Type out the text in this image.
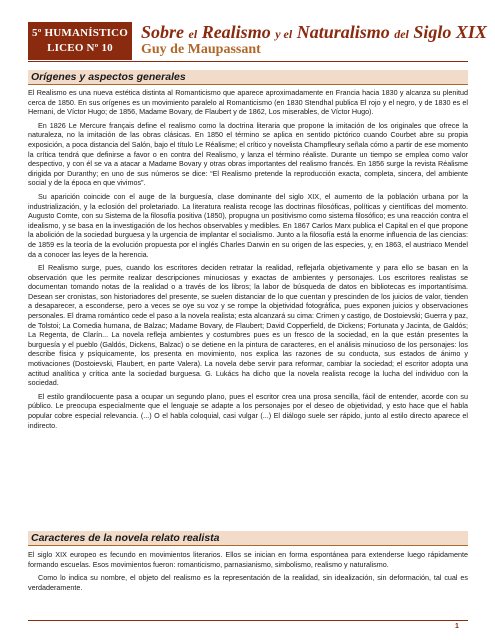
5º HUMANÍSTICO
LICEO Nº 10
Sobre el Realismo y el Naturalismo del Siglo XIX
Guy de Maupassant
Orígenes y aspectos generales

El Realismo es una nueva estética distinta al Romanticismo que aparece aproximadamente en Francia hacia 1830 y alcanza su plenitud cerca de 1850. En sus orígenes es un movimiento paralelo al Romanticismo (en 1830 Stendhal publica El rojo y el negro, y de 1830 es el Hernani, de Víctor Hugo; de 1856, Madame Bovary, de Flaubert y de 1862, Los miserables, de Víctor Hugo).

En 1826 Le Mercure français define el realismo como la doctrina literaria que propone la imitación de los originales que ofrece la naturaleza, no la imitación de las obras clásicas. En 1850 el término se aplica en sentido pictórico cuando Courbet abre su propia exposición, a poca distancia del Salón, bajo el título Le Réalisme; el crítico y novelista Champfleury señala cómo a partir de ese momento la crítica tendrá que definirse a favor o en contra del Realismo, y lanza el término réaliste. Durante un tiempo se emplea como valor despectivo, y con él se va a atacar a Madame Bovary y otras obras importantes del realismo francés. En 1856 surge la revista Réalisme dirigida por Duranthy; en uno de sus números se dice: “El Realismo pretende la reproducción exacta, completa, sincera, del ambiente social y de la época en que vivimos”.

Su aparición coincide con el auge de la burguesía, clase dominante del siglo XIX, el aumento de la población urbana por la industrialización, y la eclosión del proletariado. La literatura realista recoge las doctrinas filosóficas, políticas y científicas del momento. Augusto Comte, con su Sistema de la filosofía positiva (1850), propugna un positivismo como sistema filosófico; es una reacción contra el idealismo, y se basa en la investigación de los hechos observables y medibles. En 1867 Carlos Marx publica el Capital en el que propone la abolición de la sociedad burguesa y la urgencia de implantar el socialismo. Junto a la filosofía está la enorme influencia de las ciencias: de 1859 es la teoría de la evolución propuesta por el inglés Charles Darwin en su origen de las especies, y, en 1863, el austriaco Mendel da a conocer las leyes de la herencia.

El Realismo surge, pues, cuando los escritores deciden retratar la realidad, reflejarla objetivamente y para ello se basan en la observación que les permite realizar descripciones minuciosas y exactas de ambientes y personajes. Los escritores realistas se documentan tomando notas de la realidad o a través de los libros; la labor de búsqueda de datos en bibliotecas es importantísima. Desean ser cronistas, son historiadores del presente, se suelen distanciar de lo que cuentan y prescinden de los juicios de valor, tienden a desaparecer, a esconderse, pero a veces se oye su voz y se rompe la objetividad fotográfica, pues exponen juicios y observaciones personales. El drama romántico cede el paso a la novela realista; esta alcanzará su cima: Crimen y castigo, de Dostoievski; Guerra y paz, de Tolstoi; La Comedia humana, de Balzac; Madame Bovary, de Flaubert; David Copperfield, de Dickens; Fortunata y Jacinta, de Galdós; La Regenta, de Clarín... La novela refleja ambientes y costumbres pues es un fresco de la sociedad, en la que están presentes la burguesía y el pueblo (Galdós, Dickens, Balzac) o se detiene en la pintura de caracteres, en el análisis minucioso de los personajes: los describe física y psíquicamente, los presenta en movimiento, nos explica las razones de su conducta, sus estados de ánimo y motivaciones (Dostoievski, Flaubert, en parte Valera). La novela debe servir para reformar, cambiar la sociedad; el escritor adopta una actitud analítica y crítica ante la sociedad burguesa. G. Lukács ha dicho que la novela realista recoge la lucha del individuo con la sociedad.

El estilo grandilocuente pasa a ocupar un segundo plano, pues el escritor crea una prosa sencilla, fácil de entender, acorde con su público. Le preocupa especialmente que el lenguaje se adapte a los personajes por el deseo de objetividad, y esto hace que el habla popular cobre especial relevancia. (...) O el habla coloquial, casi vulgar (...) El diálogo suele ser rápido, junto al estilo directo aparece el indirecto.

Caracteres de la novela relato realista

El siglo XIX europeo es fecundo en movimientos literarios. Ellos se inician en forma espontánea para extenderse luego rápidamente formando escuelas. Esos movimientos fueron: romanticismo, parnasianismo, simbolismo, realismo y naturalismo.

Como lo indica su nombre, el objeto del realismo es la representación de la realidad, sin idealización, sin deformación, tal cual es verdaderamente.

1
